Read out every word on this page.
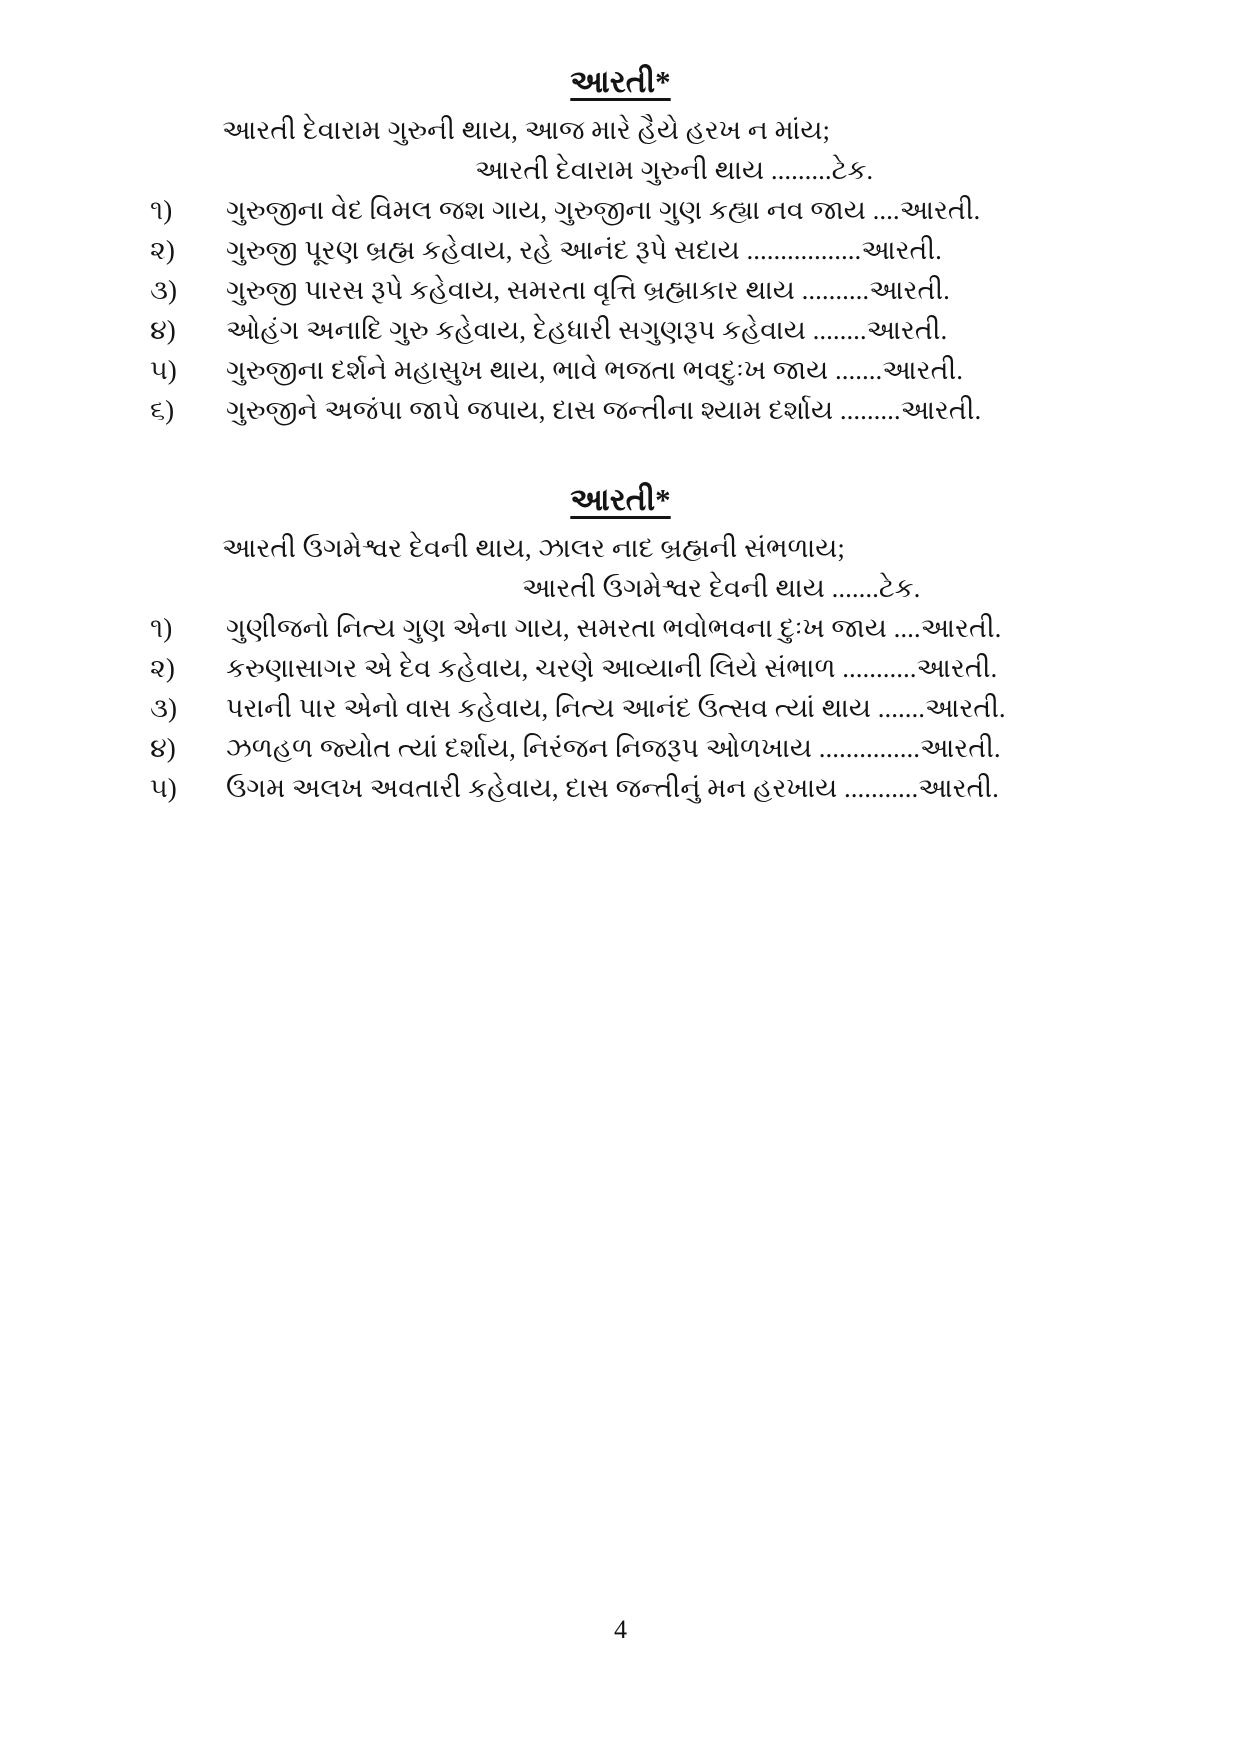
આરતી*

આરતી દેવારામ ગુરુની થાય, આજ મારે હૈયે હરખ ન માંય;

આરતી દેવારામ ગુરુની થાય .........ટેક.

૧)	ગુરુજીના વેદ વિમલ જશ ગાય, ગુરુજીના ગુણ કહ્યા નવ જાય ....આરતી.
૨)	ગુરુજી પૂરણ બ્રહ્મ કહેવાય, રહે આનંદ રૂપે સદાય .................આરતી.
૩)	ગુરુજી પારસ રૂપે કહેવાય, સમરતા વૃત્તિ બ્રહ્માકાર થાય ..........આરતી.
૪)	ઓહંગ અનાદિ ગુરુ કહેવાય, દેહધારી સગુણરૂપ કહેવાય ........આરતી.
૫)	ગુરુજીના દર્શને મહાસુખ થાય, ભાવે ભજતા ભવદુઃખ જાય .......આરતી.
૬)	ગુરુજીને અજંપા જાપે જપાય, દાસ જન્તીના શ્યામ દર્શાય .........આરતી.
આરતી*

આરતી ઉગમેશ્વર દેવની થાય, ઝાલર નાદ બ્રહ્મની સંભળાય;

આરતી ઉગમેશ્વર દેવની થાય .......ટેક.

૧)	ગુણીજનો નિત્ય ગુણ એના ગાય, સમરતા ભવોભવના દુઃખ જાય ....આરતી.
૨)	કરુણાસાગર એ દેવ કહેવાય, ચરણે આવ્યાની લિયે સંભાળ ...........આરતી.
૩)	પરાની પાર એનો વાસ કહેવાય, નિત્ય આનંદ ઉત્સવ ત્યાં થાય .......આરતી.
૪)	ઝળહળ જ્યોત ત્યાં દર્શાય, નિરંજન નિજરૂપ ઓળખાય ...............આરતી.
૫)	ઉગમ અલખ અવતારી કહેવાય, દાસ જન્તીનું મન હરખાય ...........આરતી.
4
